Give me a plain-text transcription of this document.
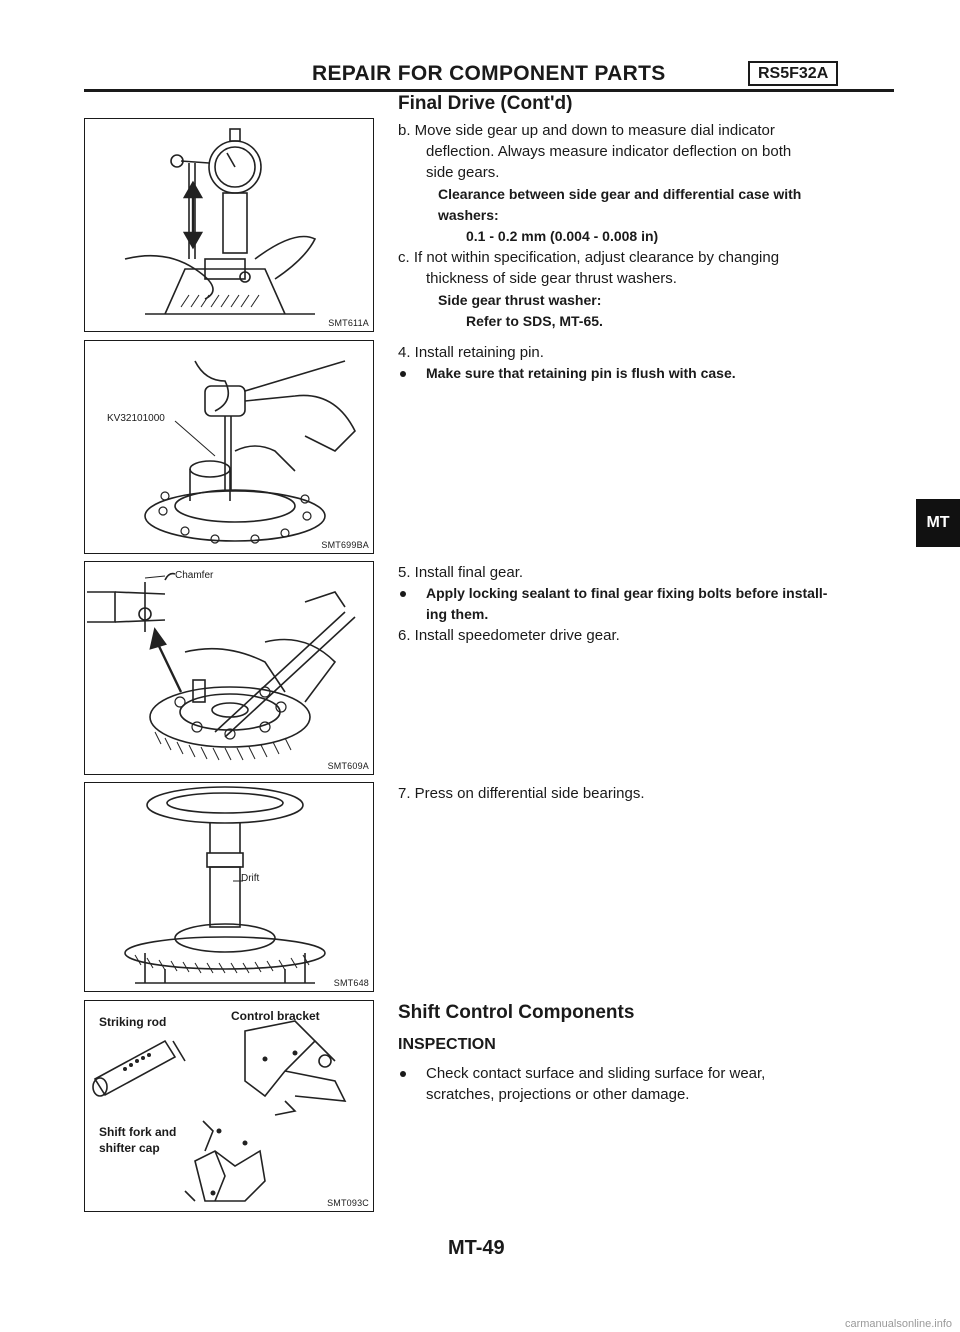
REPAIR FOR COMPONENT PARTS	RS5F32A
Final Drive (Cont'd)
SMT611A
KV32101000
SMT699BA
Chamfer
SMT609A
Drift
SMT648
Striking rod	Control bracket
Shift fork and
shifter cap
SMT093C
b. Move side gear up and down to measure dial indicator
deflection. Always measure indicator deflection on both
side gears.
Clearance between side gear and differential case with
washers:
0.1 - 0.2 mm (0.004 - 0.008 in)
c. If not within specification, adjust clearance by changing
thickness of side gear thrust washers.
Side gear thrust washer:
Refer to SDS, MT-65.
4. Install retaining pin.
Make sure that retaining pin is flush with case.
5. Install final gear.
Apply locking sealant to final gear fixing bolts before install-
ing them.
6. Install speedometer drive gear.
7. Press on differential side bearings.
Shift Control Components
INSPECTION
Check contact surface and sliding surface for wear,
scratches, projections or other damage.
MT
MT-49
carmanualsonline.info
